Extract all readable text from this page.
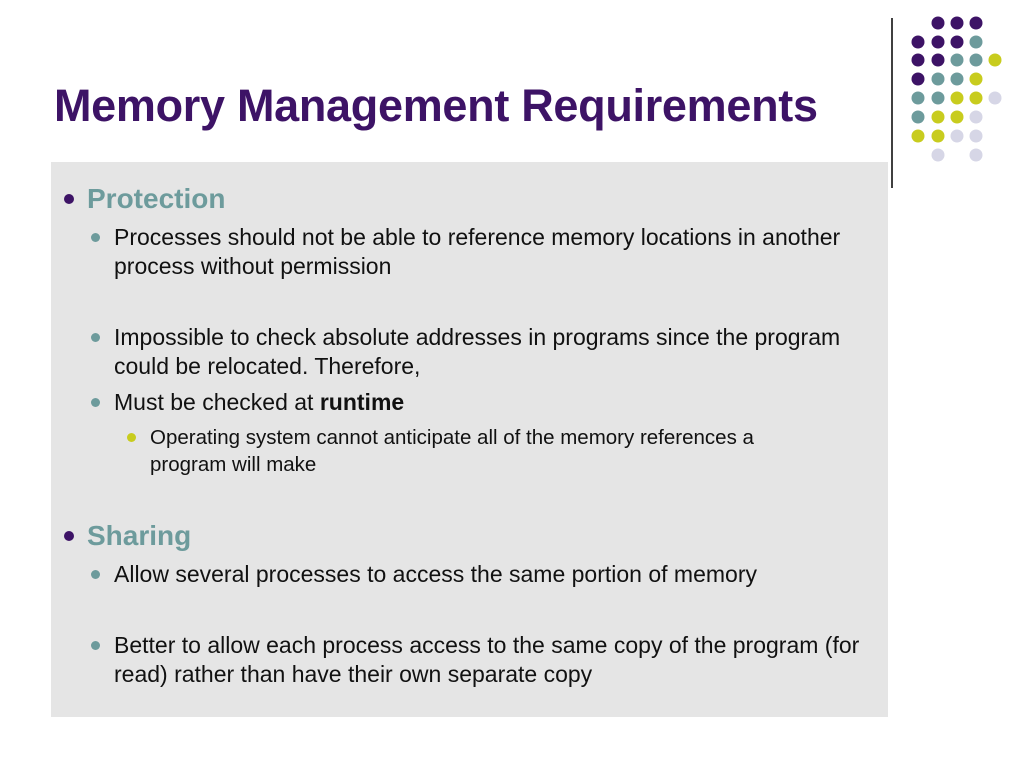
Memory Management Requirements
Protection
Processes should not be able to reference memory locations in another process without permission
Impossible to check absolute addresses in programs since the program could be relocated. Therefore,
Must be checked at runtime
Operating system cannot anticipate all of the memory references a program will make
Sharing
Allow several processes to access the same portion of memory
Better to allow each process access to the same copy of the program (for read) rather than have their own separate copy
